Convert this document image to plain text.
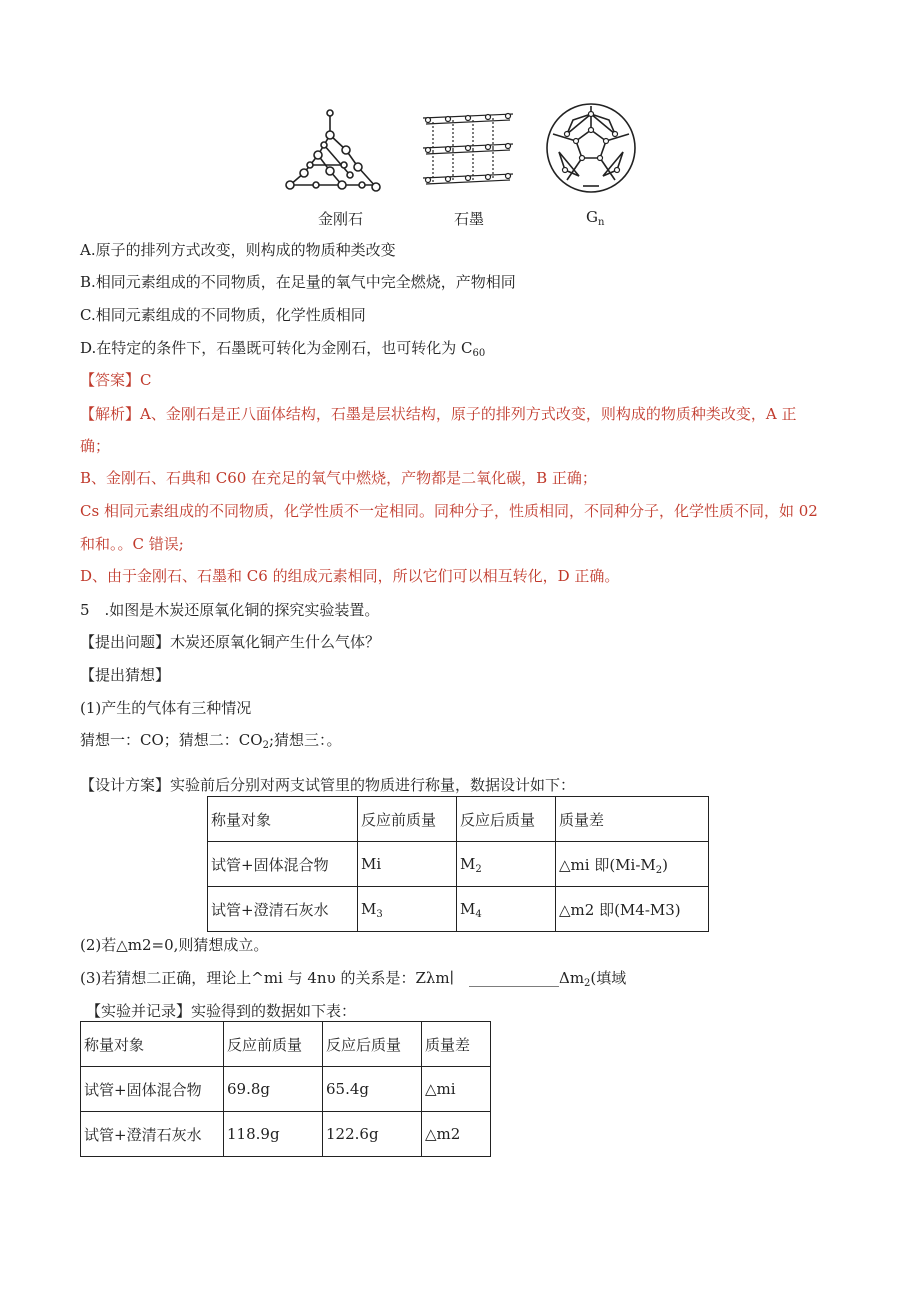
金刚石	石墨	$G_n$
A.原子的排列方式改变，则构成的物质种类改变
B.相同元素组成的不同物质，在足量的氧气中完全燃烧，产物相同
C.相同元素组成的不同物质，化学性质相同
D.在特定的条件下，石墨既可转化为金刚石，也可转化为 $C_{60}$
【答案】C
【解析】A、金刚石是正八面体结构，石墨是层状结构，原子的排列方式改变，则构成的物质种类改变，A 正
确；
B、金刚石、石典和 C60 在充足的氧气中燃烧，产物都是二氧化碳，B 正确；
Cs 相同元素组成的不同物质，化学性质不一定相同。同种分子，性质相同，不同种分子，化学性质不同，如 02
和和。。C 错误;
D、由于金刚石、石墨和 C6 的组成元素相同，所以它们可以相互转化，D 正确。
5　.如图是木炭还原氧化铜的探究实验装置。
【提出问题】木炭还原氧化铜产生什么气体？
【提出猜想】
(1)产生的气体有三种情况
猜想一：CO；猜想二：$CO_2$;猜想三：。
【设计方案】实验前后分别对两支试管里的物质进行称量，数据设计如下：
称量对象	反应前质量	反应后质量	质量差
试管+固体混合物	Mi	$M_2$	△mi 即$(Mi-M_2)$
试管+澄清石灰水	$M_3$	$M_4$	△m2 即(M4-M3)
(2)若△m2=0,则猜想成立。
(3)若猜想二正确，理论上^mi 与 4nυ 的关系是：Zλm∣　$\_\_\_\_\_\_\_\_\_\_\_\_\Delta m_2$(填域
【实验并记录】实验得到的数据如下表：
称量对象	反应前质量	反应后质量	质量差
试管+固体混合物	69.8g	65.4g	△mi
试管+澄清石灰水	118.9g	122.6g	△m2
